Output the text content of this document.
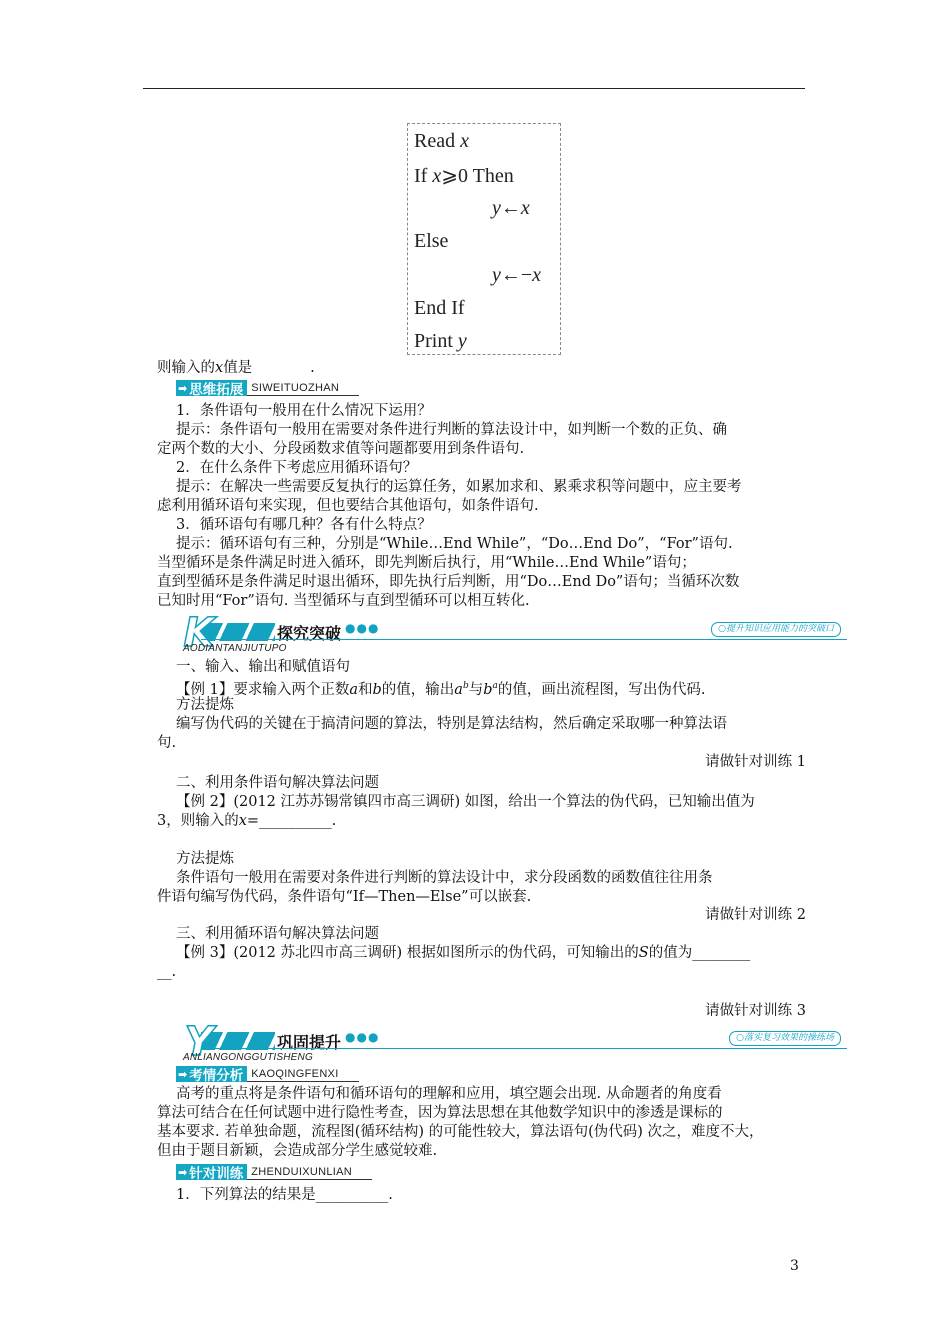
Read x
If x⩾0 Then
y←x
Else
y←−x
End If
Print y
则输入的x值是　　　　.
➡ 思维拓展 SIWEITUOZHAN
1．条件语句一般用在什么情况下运用？
提示：条件语句一般用在需要对条件进行判断的算法设计中，如判断一个数的正负、确
定两个数的大小、分段函数求值等问题都要用到条件语句.
2．在什么条件下考虑应用循环语句？
提示：在解决一些需要反复执行的运算任务，如累加求和、累乘求积等问题中，应主要考
虑利用循环语句来实现，但也要结合其他语句，如条件语句.
3．循环语句有哪几种？各有什么特点？
提示：循环语句有三种，分别是“While…End While”，“Do…End Do”，“For”语句.
当型循环是条件满足时进入循环，即先判断后执行，用“While…End While”语句；
直到型循环是条件满足时退出循环，即先执行后判断，用“Do…End Do”语句；当循环次数
已知时用“For”语句. 当型循环与直到型循环可以相互转化.
K	探究突破 ●●●
AODIANTANJIUTUPO
○提升知识应用能力的突破口
一、输入、输出和赋值语句
【例 1】要求输入两个正数a和b的值，输出$a^b$与$b^a$的值，画出流程图，写出伪代码.
方法提炼
编写伪代码的关键在于搞清问题的算法，特别是算法结构，然后确定采取哪一种算法语
句.
请做针对训练 1
二、利用条件语句解决算法问题
【例 2】(2012 江苏苏锡常镇四市高三调研) 如图，给出一个算法的伪代码，已知输出值为
3，则输入的x=__________.
方法提炼
条件语句一般用在需要对条件进行判断的算法设计中，求分段函数的函数值往往用条
件语句编写伪代码，条件语句“If—Then—Else”可以嵌套.
请做针对训练 2
三、利用循环语句解决算法问题
【例 3】(2012 苏北四市高三调研) 根据如图所示的伪代码，可知输出的S的值为________
__.
请做针对训练 3
Y	巩固提升 ●●●
ANLIANGONGGUTISHENG
○落实复习效果的操练场
➡ 考情分析 KAOQINGFENXI
高考的重点将是条件语句和循环语句的理解和应用，填空题会出现. 从命题者的角度看
算法可结合在任何试题中进行隐性考查，因为算法思想在其他数学知识中的渗透是课标的
基本要求. 若单独命题，流程图(循环结构) 的可能性较大，算法语句(伪代码) 次之，难度不大，
但由于题目新颖，会造成部分学生感觉较难.
➡ 针对训练 ZHENDUIXUNLIAN
1．下列算法的结果是__________.
3
